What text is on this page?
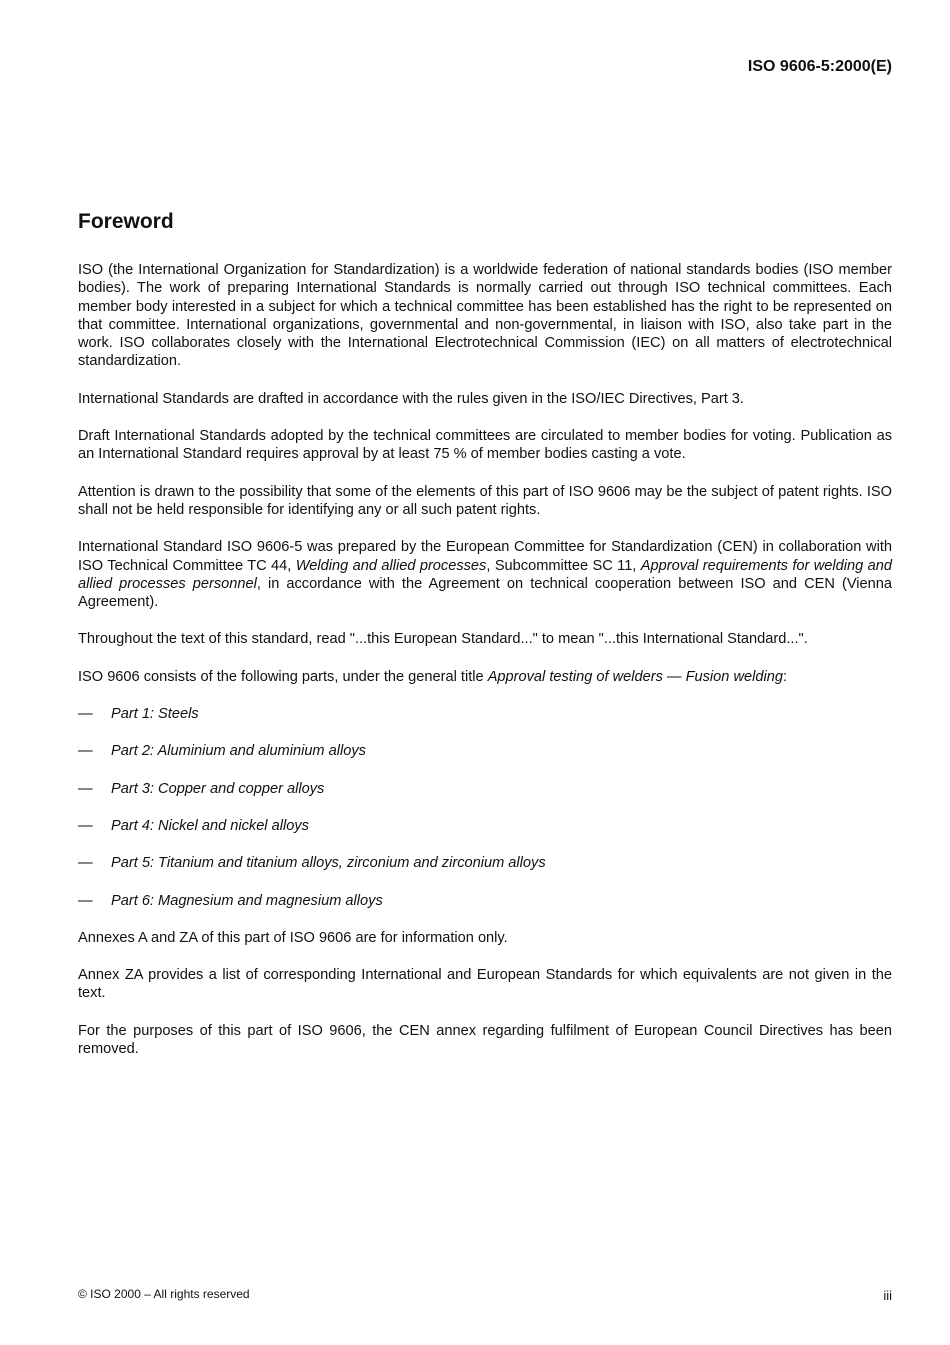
ISO 9606-5:2000(E)
Foreword

ISO (the International Organization for Standardization) is a worldwide federation of national standards bodies (ISO member bodies). The work of preparing International Standards is normally carried out through ISO technical committees. Each member body interested in a subject for which a technical committee has been established has the right to be represented on that committee. International organizations, governmental and non-governmental, in liaison with ISO, also take part in the work. ISO collaborates closely with the International Electrotechnical Commission (IEC) on all matters of electrotechnical standardization.

International Standards are drafted in accordance with the rules given in the ISO/IEC Directives, Part 3.

Draft International Standards adopted by the technical committees are circulated to member bodies for voting. Publication as an International Standard requires approval by at least 75 % of member bodies casting a vote.

Attention is drawn to the possibility that some of the elements of this part of ISO 9606 may be the subject of patent rights. ISO shall not be held responsible for identifying any or all such patent rights.

International Standard ISO 9606-5 was prepared by the European Committee for Standardization (CEN) in collaboration with ISO Technical Committee TC 44, Welding and allied processes, Subcommittee SC 11, Approval requirements for welding and allied processes personnel, in accordance with the Agreement on technical cooperation between ISO and CEN (Vienna Agreement).

Throughout the text of this standard, read "...this European Standard..." to mean "...this International Standard...".

ISO 9606 consists of the following parts, under the general title Approval testing of welders — Fusion welding:

—	Part 1: Steels
—	Part 2: Aluminium and aluminium alloys
—	Part 3: Copper and copper alloys
—	Part 4: Nickel and nickel alloys
—	Part 5: Titanium and titanium alloys, zirconium and zirconium alloys
—	Part 6: Magnesium and magnesium alloys

Annexes A and ZA of this part of ISO 9606 are for information only.

Annex ZA provides a list of corresponding International and European Standards for which equivalents are not given in the text.

For the purposes of this part of ISO 9606, the CEN annex regarding fulfilment of European Council Directives has been removed.

© ISO 2000 – All rights reserved	iii
